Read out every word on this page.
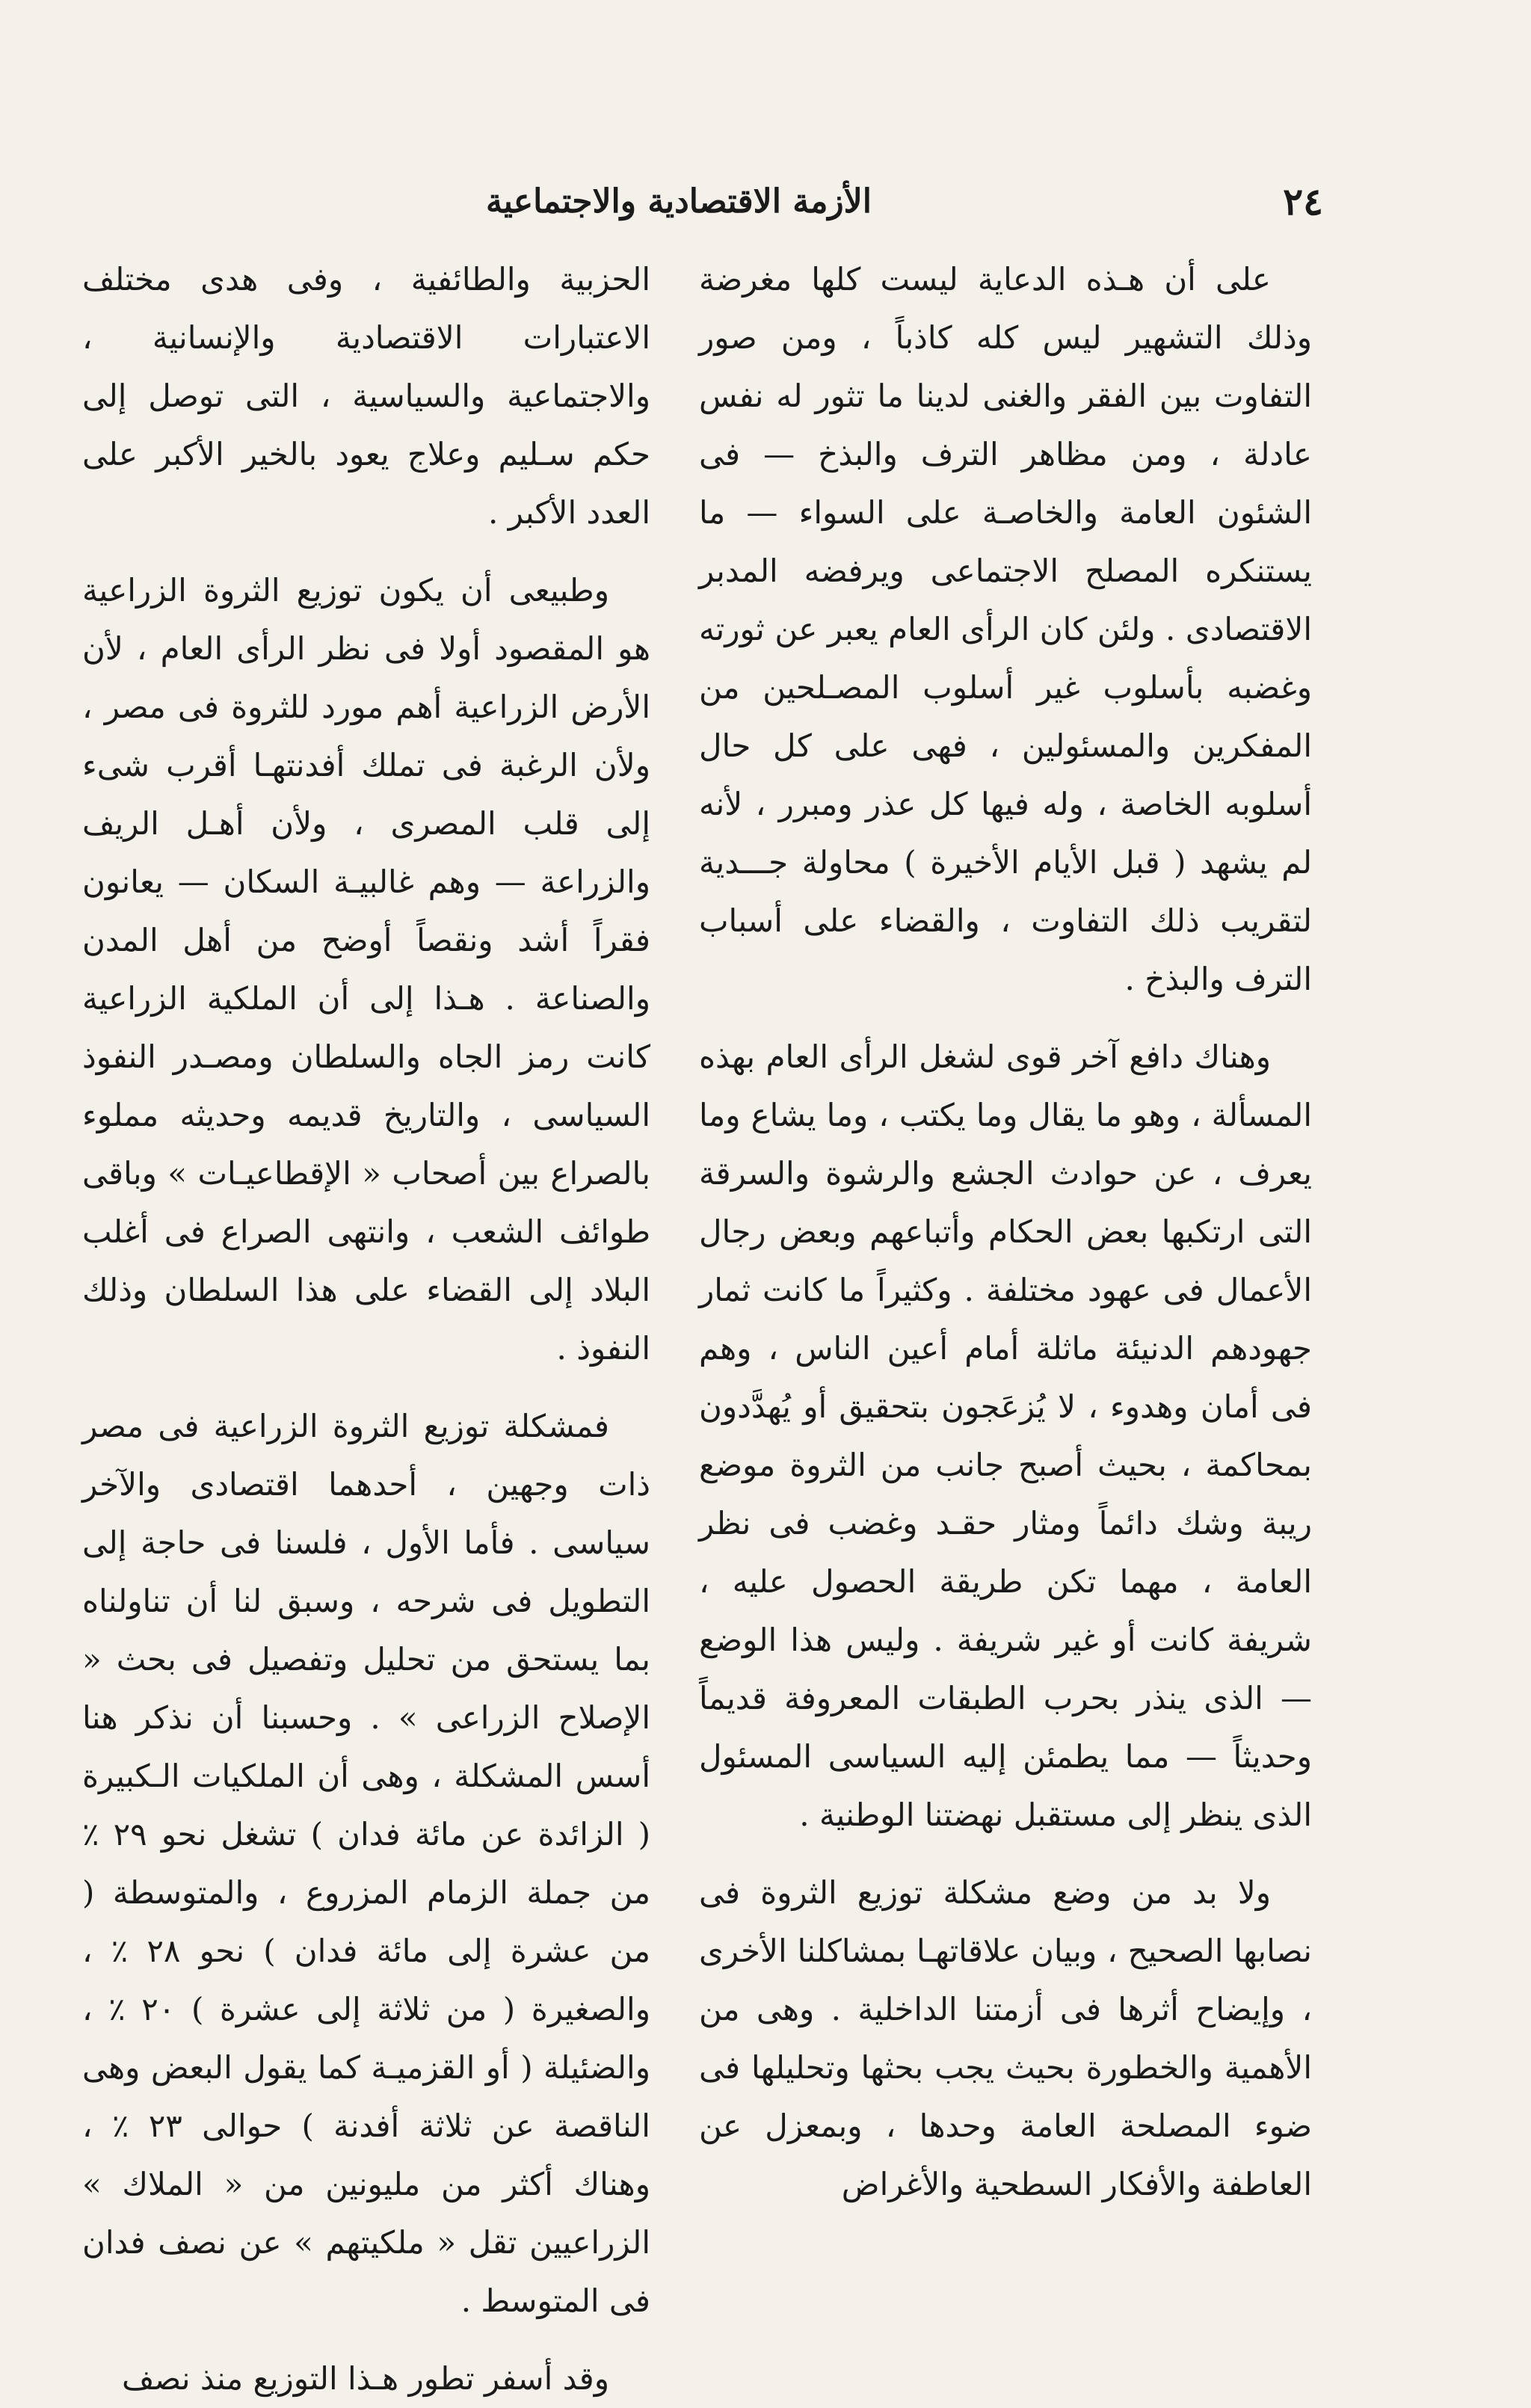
٢٤
الأزمة الاقتصادية والاجتماعية

على أن هـذه الدعاية ليست كلها مغرضة وذلك التشهير ليس كله كاذباً ، ومن صور التفاوت بين الفقر والغنى لدينا ما تثور له نفس عادلة ، ومن مظاهر الترف والبذخ — فى الشئون العامة والخاصـة على السواء — ما يستنكره المصلح الاجتماعى ويرفضه المدبر الاقتصادى . ولئن كان الرأى العام يعبر عن ثورته وغضبه بأسلوب غير أسلوب المصـلحين من المفكرين والمسئولين ، فهى على كل حال أسلوبه الخاصة ، وله فيها كل عذر ومبرر ، لأنه لم يشهد ( قبل الأيام الأخيرة ) محاولة جـــدية لتقريب ذلك التفاوت ، والقضاء على أسباب الترف والبذخ .

وهناك دافع آخر قوى لشغل الرأى العام بهذه المسألة ، وهو ما يقال وما يكتب ، وما يشاع وما يعرف ، عن حوادث الجشع والرشوة والسرقة التى ارتكبها بعض الحكام وأتباعهم وبعض رجال الأعمال فى عهود مختلفة . وكثيراً ما كانت ثمار جهودهم الدنيئة ماثلة أمام أعين الناس ، وهم فى أمان وهدوء ، لا يُزعَجون بتحقيق أو يُهدَّدون بمحاكمة ، بحيث أصبح جانب من الثروة موضع ريبة وشك دائماً ومثار حقـد وغضب فى نظر العامة ، مهما تكن طريقة الحصول عليه ، شريفة كانت أو غير شريفة . وليس هذا الوضع — الذى ينذر بحرب الطبقات المعروفة قديماً وحديثاً — مما يطمئن إليه السياسى المسئول الذى ينظر إلى مستقبل نهضتنا الوطنية .

ولا بد من وضع مشكلة توزيع الثروة فى نصابها الصحيح ، وبيان علاقاتهـا بمشاكلنا الأخرى ، وإيضاح أثرها فى أزمتنا الداخلية . وهى من الأهمية والخطورة بحيث يجب بحثها وتحليلها فى ضوء المصلحة العامة وحدها ، وبمعزل عن العاطفة والأفكار السطحية والأغراض

الحزبية والطائفية ، وفى هدى مختلف الاعتبارات الاقتصادية والإنسانية ، والاجتماعية والسياسية ، التى توصل إلى حكم سـليم وعلاج يعود بالخير الأكبر على العدد الأكبر .

وطبيعى أن يكون توزيع الثروة الزراعية هو المقصود أولا فى نظر الرأى العام ، لأن الأرض الزراعية أهم مورد للثروة فى مصر ، ولأن الرغبة فى تملك أفدنتهـا أقرب شىء إلى قلب المصرى ، ولأن أهـل الريف والزراعة — وهم غالبيـة السكان — يعانون فقراً أشد ونقصاً أوضح من أهل المدن والصناعة . هـذا إلى أن الملكية الزراعية كانت رمز الجاه والسلطان ومصـدر النفوذ السياسى ، والتاريخ قديمه وحديثه مملوء بالصراع بين أصحاب « الإقطاعيـات » وباقى طوائف الشعب ، وانتهى الصراع فى أغلب البلاد إلى القضاء على هذا السلطان وذلك النفوذ .

فمشكلة توزيع الثروة الزراعية فى مصر ذات وجهين ، أحدهما اقتصادى والآخر سياسى . فأما الأول ، فلسنا فى حاجة إلى التطويل فى شرحه ، وسبق لنا أن تناولناه بما يستحق من تحليل وتفصيل فى بحث « الإصلاح الزراعى » . وحسبنا أن نذكر هنا أسس المشكلة ، وهى أن الملكيات الـكبيرة ( الزائدة عن مائة فدان ) تشغل نحو ٢٩ ٪ من جملة الزمام المزروع ، والمتوسطة ( من عشرة إلى مائة فدان ) نحو ٢٨ ٪ ، والصغيرة ( من ثلاثة إلى عشرة ) ٢٠ ٪ ، والضئيلة ( أو القزميـة كما يقول البعض وهى الناقصة عن ثلاثة أفدنة ) حوالى ٢٣ ٪ ، وهناك أكثر من مليونين من « الملاك » الزراعيين تقل « ملكيتهم » عن نصف فدان فى المتوسط .

وقد أسفر تطور هـذا التوزيع منذ نصف
